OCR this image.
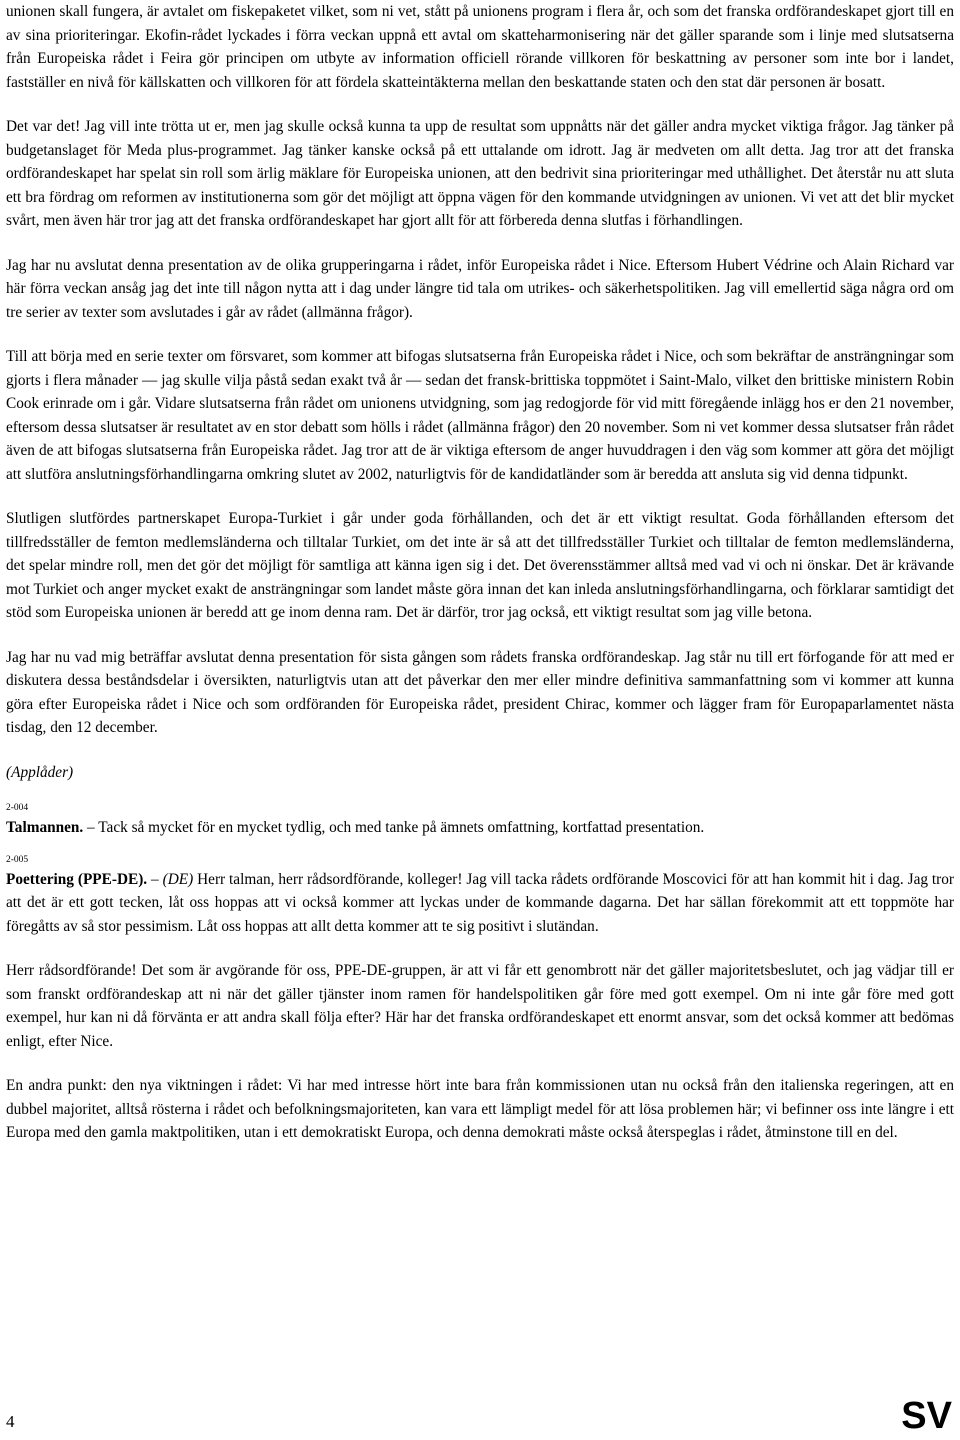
unionen skall fungera, är avtalet om fiskepaketet vilket, som ni vet, stått på unionens program i flera år, och som det franska ordförandeskapet gjort till en av sina prioriteringar. Ekofin-rådet lyckades i förra veckan uppnå ett avtal om skatteharmonisering när det gäller sparande som i linje med slutsatserna från Europeiska rådet i Feira gör principen om utbyte av information officiell rörande villkoren för beskattning av personer som inte bor i landet, fastställer en nivå för källskatten och villkoren för att fördela skatteintäkterna mellan den beskattande staten och den stat där personen är bosatt.

Det var det! Jag vill inte trötta ut er, men jag skulle också kunna ta upp de resultat som uppnåtts när det gäller andra mycket viktiga frågor. Jag tänker på budgetanslaget för Meda plus-programmet. Jag tänker kanske också på ett uttalande om idrott. Jag är medveten om allt detta. Jag tror att det franska ordförandeskapet har spelat sin roll som ärlig mäklare för Europeiska unionen, att den bedrivit sina prioriteringar med uthållighet. Det återstår nu att sluta ett bra fördrag om reformen av institutionerna som gör det möjligt att öppna vägen för den kommande utvidgningen av unionen. Vi vet att det blir mycket svårt, men även här tror jag att det franska ordförandeskapet har gjort allt för att förbereda denna slutfas i förhandlingen.

Jag har nu avslutat denna presentation av de olika grupperingarna i rådet, inför Europeiska rådet i Nice. Eftersom Hubert Védrine och Alain Richard var här förra veckan ansåg jag det inte till någon nytta att i dag under längre tid tala om utrikes- och säkerhetspolitiken. Jag vill emellertid säga några ord om tre serier av texter som avslutades i går av rådet (allmänna frågor).

Till att börja med en serie texter om försvaret, som kommer att bifogas slutsatserna från Europeiska rådet i Nice, och som bekräftar de ansträngningar som gjorts i flera månader — jag skulle vilja påstå sedan exakt två år — sedan det fransk-brittiska toppmötet i Saint-Malo, vilket den brittiske ministern Robin Cook erinrade om i går. Vidare slutsatserna från rådet om unionens utvidgning, som jag redogjorde för vid mitt föregående inlägg hos er den 21 november, eftersom dessa slutsatser är resultatet av en stor debatt som hölls i rådet (allmänna frågor) den 20 november. Som ni vet kommer dessa slutsatser från rådet även de att bifogas slutsatserna från Europeiska rådet. Jag tror att de är viktiga eftersom de anger huvuddragen i den väg som kommer att göra det möjligt att slutföra anslutningsförhandlingarna omkring slutet av 2002, naturligtvis för de kandidatländer som är beredda att ansluta sig vid denna tidpunkt.

Slutligen slutfördes partnerskapet Europa-Turkiet i går under goda förhållanden, och det är ett viktigt resultat. Goda förhållanden eftersom det tillfredsställer de femton medlemsländerna och tilltalar Turkiet, om det inte är så att det tillfredsställer Turkiet och tilltalar de femton medlemsländerna, det spelar mindre roll, men det gör det möjligt för samtliga att känna igen sig i det. Det överensstämmer alltså med vad vi och ni önskar. Det är krävande mot Turkiet och anger mycket exakt de ansträngningar som landet måste göra innan det kan inleda anslutningsförhandlingarna, och förklarar samtidigt det stöd som Europeiska unionen är beredd att ge inom denna ram. Det är därför, tror jag också, ett viktigt resultat som jag ville betona.

Jag har nu vad mig beträffar avslutat denna presentation för sista gången som rådets franska ordförandeskap. Jag står nu till ert förfogande för att med er diskutera dessa beståndsdelar i översikten, naturligtvis utan att det påverkar den mer eller mindre definitiva sammanfattning som vi kommer att kunna göra efter Europeiska rådet i Nice och som ordföranden för Europeiska rådet, president Chirac, kommer och lägger fram för Europaparlamentet nästa tisdag, den 12 december.

(Applåder)

2-004

Talmannen. – Tack så mycket för en mycket tydlig, och med tanke på ämnets omfattning, kortfattad presentation.

2-005

Poettering (PPE-DE). – (DE) Herr talman, herr rådsordförande, kolleger! Jag vill tacka rådets ordförande Moscovici för att han kommit hit i dag. Jag tror att det är ett gott tecken, låt oss hoppas att vi också kommer att lyckas under de kommande dagarna. Det har sällan förekommit att ett toppmöte har föregåtts av så stor pessimism. Låt oss hoppas att allt detta kommer att te sig positivt i slutändan.

Herr rådsordförande! Det som är avgörande för oss, PPE-DE-gruppen, är att vi får ett genombrott när det gäller majoritetsbeslutet, och jag vädjar till er som franskt ordförandeskap att ni när det gäller tjänster inom ramen för handelspolitiken går före med gott exempel. Om ni inte går före med gott exempel, hur kan ni då förvänta er att andra skall följa efter? Här har det franska ordförandeskapet ett enormt ansvar, som det också kommer att bedömas enligt, efter Nice.

En andra punkt: den nya viktningen i rådet: Vi har med intresse hört inte bara från kommissionen utan nu också från den italienska regeringen, att en dubbel majoritet, alltså rösterna i rådet och befolkningsmajoriteten, kan vara ett lämpligt medel för att lösa problemen här; vi befinner oss inte längre i ett Europa med den gamla maktpolitiken, utan i ett demokratiskt Europa, och denna demokrati måste också återspeglas i rådet, åtminstone till en del.

4	SV
